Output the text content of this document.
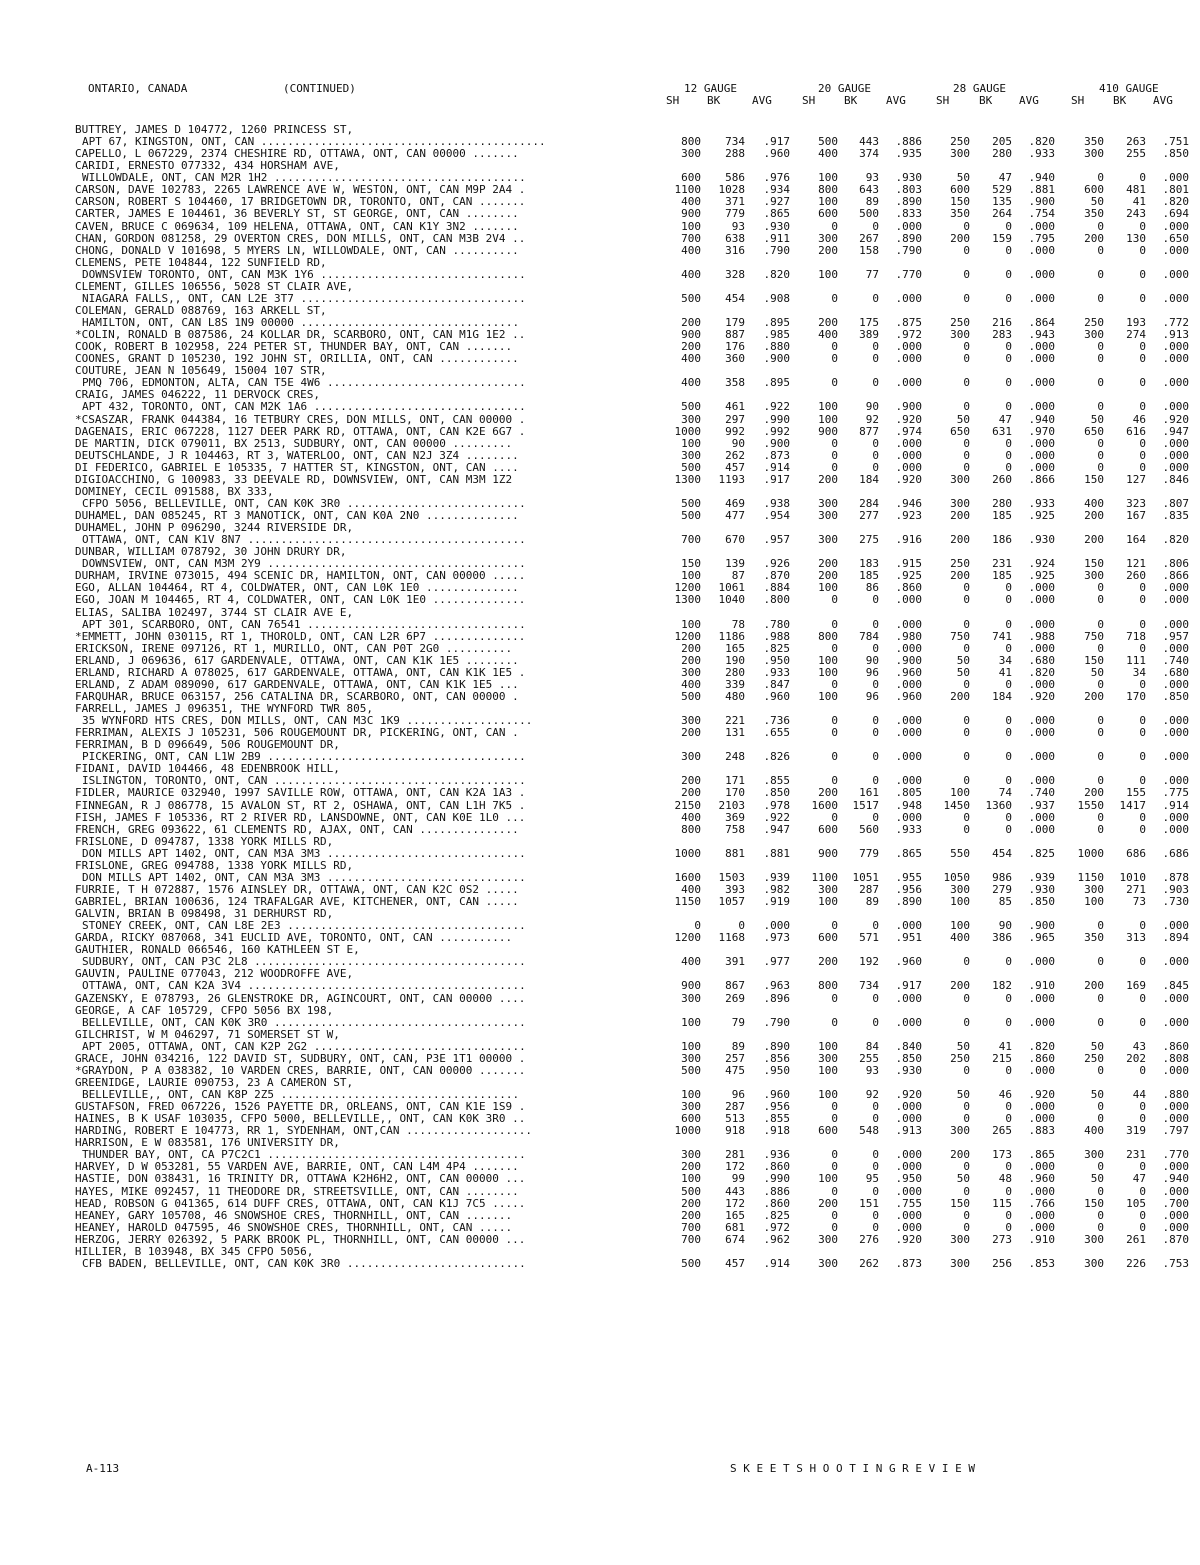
ONTARIO, CANADA	(CONTINUED)	12 GAUGE	20 GAUGE	28 GAUGE	410 GAUGE
SH	BK	AVG	SH	BK	AVG	SH	BK AVG	SH	BK AVG
BUTTREY, JAMES D 104772, 1260 PRINCESS ST,
APT 67, KINGSTON, ONT, CAN ...........................................	800	734	.917	500	443	.886	250	205	.820	350	263	.751
CAPELLO, L 067229, 2374 CHESHIRE RD, OTTAWA, ONT, CAN 00000 .......	300	288	.960	400	374	.935	300	280	.933	300	255	.850
CARIDI, ERNESTO 077332, 434 HORSHAM AVE,
WILLOWDALE, ONT, CAN M2R 1H2 ......................................	600	586	.976	100	93	.930	50	47	.940	0	0	.000
CARSON, DAVE 102783, 2265 LAWRENCE AVE W, WESTON, ONT, CAN M9P 2A4 .	1100	1028	.934	800	643	.803	600	529	.881	600	481	.801
CARSON, ROBERT S 104460, 17 BRIDGETOWN DR, TORONTO, ONT, CAN .......	400	371	.927	100	89	.890	150	135	.900	50	41	.820
CARTER, JAMES E 104461, 36 BEVERLY ST, ST GEORGE, ONT, CAN ........	900	779	.865	600	500	.833	350	264	.754	350	243	.694
CAVEN, BRUCE C 069634, 109 HELENA, OTTAWA, ONT, CAN K1Y 3N2 .......	100	93	.930	0	0	.000	0	0	.000	0	0	.000
CHAN, GORDON 081258, 29 OVERTON CRES, DON MILLS, ONT, CAN M3B 2V4 ..	700	638	.911	300	267	.890	200	159	.795	200	130	.650
CHONG, DONALD V 101698, 5 MYERS LN, WILLOWDALE, ONT, CAN ..........	400	316	.790	200	158	.790	0	0	.000	0	0	.000
CLEMENS, PETE 104844, 122 SUNFIELD RD,
DOWNSVIEW TORONTO, ONT, CAN M3K 1Y6 ...............................	400	328	.820	100	77	.770	0	0	.000	0	0	.000
CLEMENT, GILLES 106556, 5028 ST CLAIR AVE,
NIAGARA FALLS,, ONT, CAN L2E 3T7 ..................................	500	454	.908	0	0	.000	0	0	.000	0	0	.000
COLEMAN, GERALD 088769, 163 ARKELL ST,
HAMILTON, ONT, CAN L8S 1N9 00000 .................................	200	179	.895	200	175	.875	250	216	.864	250	193	.772
*COLIN, RONALD B 087586, 24 KOLLAR DR, SCARBORO, ONT, CAN M1G 1E2 ..	900	887	.985	400	389	.972	300	283	.943	300	274	.913
COOK, ROBERT B 102958, 224 PETER ST, THUNDER BAY, ONT, CAN .......	200	176	.880	0	0	.000	0	0	.000	0	0	.000
COONES, GRANT D 105230, 192 JOHN ST, ORILLIA, ONT, CAN ............	400	360	.900	0	0	.000	0	0	.000	0	0	.000
COUTURE, JEAN N 105649, 15004 107 STR,
PMQ 706, EDMONTON, ALTA, CAN T5E 4W6 ..............................	400	358	.895	0	0	.000	0	0	.000	0	0	.000
CRAIG, JAMES 046222, 11 DERVOCK CRES,
APT 432, TORONTO, ONT, CAN M2K 1A6 ................................	500	461	.922	100	90	.900	0	0	.000	0	0	.000
*CSASZAR, FRANK 044384, 16 TETBURY CRES, DON MILLS, ONT, CAN 00000 .	300	297	.990	100	92	.920	50	47	.940	50	46	.920
DAGENAIS, ERIC 067228, 1127 DEER PARK RD, OTTAWA, ONT, CAN K2E 6G7 .	1000	992	.992	900	877	.974	650	631	.970	650	616	.947
DE MARTIN, DICK 079011, BX 2513, SUDBURY, ONT, CAN 00000 .........	100	90	.900	0	0	.000	0	0	.000	0	0	.000
DEUTSCHLANDE, J R 104463, RT 3, WATERLOO, ONT, CAN N2J 3Z4 ........	300	262	.873	0	0	.000	0	0	.000	0	0	.000
DI FEDERICO, GABRIEL E 105335, 7 HATTER ST, KINGSTON, ONT, CAN ....	500	457	.914	0	0	.000	0	0	.000	0	0	.000
DIGIOACCHINO, G 100983, 33 DEEVALE RD, DOWNSVIEW, ONT, CAN M3M 1Z2	1300	1193	.917	200	184	.920	300	260	.866	150	127	.846
DOMINEY, CECIL 091588, BX 333,
CFPO 5056, BELLEVILLE, ONT, CAN K0K 3R0 ...........................	500	469	.938	300	284	.946	300	280	.933	400	323	.807
DUHAMEL, DAN 085245, RT 3 MANOTICK, ONT, CAN K0A 2N0 ..............	500	477	.954	300	277	.923	200	185	.925	200	167	.835
DUHAMEL, JOHN P 096290, 3244 RIVERSIDE DR,
OTTAWA, ONT, CAN K1V 8N7 ..........................................	700	670	.957	300	275	.916	200	186	.930	200	164	.820
DUNBAR, WILLIAM 078792, 30 JOHN DRURY DR,
DOWNSVIEW, ONT, CAN M3M 2Y9 .......................................	150	139	.926	200	183	.915	250	231	.924	150	121	.806
DURHAM, IRVINE 073015, 494 SCENIC DR, HAMILTON, ONT, CAN 00000 .....	100	87	.870	200	185	.925	200	185	.925	300	260	.866
EGO, ALLAN 104464, RT 4, COLDWATER, ONT, CAN L0K 1E0 ..............	1200	1061	.884	100	86	.860	0	0	.000	0	0	.000
EGO, JOAN M 104465, RT 4, COLDWATER, ONT, CAN L0K 1E0 ..............	1300	1040	.800	0	0	.000	0	0	.000	0	0	.000
ELIAS, SALIBA 102497, 3744 ST CLAIR AVE E,
APT 301, SCARBORO, ONT, CAN 76541 .................................	100	78	.780	0	0	.000	0	0	.000	0	0	.000
*EMMETT, JOHN 030115, RT 1, THOROLD, ONT, CAN L2R 6P7 ..............	1200	1186	.988	800	784	.980	750	741	.988	750	718	.957
ERICKSON, IRENE 097126, RT 1, MURILLO, ONT, CAN P0T 2G0 ..........	200	165	.825	0	0	.000	0	0	.000	0	0	.000
ERLAND, J 069636, 617 GARDENVALE, OTTAWA, ONT, CAN K1K 1E5 ........	200	190	.950	100	90	.900	50	34	.680	150	111	.740
ERLAND, RICHARD A 078025, 617 GARDENVALE, OTTAWA, ONT, CAN K1K 1E5 .	300	280	.933	100	96	.960	50	41	.820	50	34	.680
ERLAND, Z ADAM 089090, 617 GARDENVALE, OTTAWA, ONT, CAN K1K 1E5 ...	400	339	.847	0	0	.000	0	0	.000	0	0	.000
FARQUHAR, BRUCE 063157, 256 CATALINA DR, SCARBORO, ONT, CAN 00000 .	500	480	.960	100	96	.960	200	184	.920	200	170	.850
FARRELL, JAMES J 096351, THE WYNFORD TWR 805,
35 WYNFORD HTS CRES, DON MILLS, ONT, CAN M3C 1K9 ...................	300	221	.736	0	0	.000	0	0	.000	0	0	.000
FERRIMAN, ALEXIS J 105231, 506 ROUGEMOUNT DR, PICKERING, ONT, CAN .	200	131	.655	0	0	.000	0	0	.000	0	0	.000
FERRIMAN, B D 096649, 506 ROUGEMOUNT DR,
PICKERING, ONT, CAN L1W 2B9 .......................................	300	248	.826	0	0	.000	0	0	.000	0	0	.000
FIDANI, DAVID 104466, 48 EDENBROOK HILL,
ISLINGTON, TORONTO, ONT, CAN ......................................	200	171	.855	0	0	.000	0	0	.000	0	0	.000
FIDLER, MAURICE 032940, 1997 SAVILLE ROW, OTTAWA, ONT, CAN K2A 1A3 .	200	170	.850	200	161	.805	100	74	.740	200	155	.775
FINNEGAN, R J 086778, 15 AVALON ST, RT 2, OSHAWA, ONT, CAN L1H 7K5 .	2150	2103	.978	1600	1517	.948	1450	1360	.937	1550	1417	.914
FISH, JAMES F 105336, RT 2 RIVER RD, LANSDOWNE, ONT, CAN K0E 1L0 ...	400	369	.922	0	0	.000	0	0	.000	0	0	.000
FRENCH, GREG 093622, 61 CLEMENTS RD, AJAX, ONT, CAN ...............	800	758	.947	600	560	.933	0	0	.000	0	0	.000
FRISLONE, D 094787, 1338 YORK MILLS RD,
DON MILLS APT 1402, ONT, CAN M3A 3M3 ..............................	1000	881	.881	900	779	.865	550	454	.825	1000	686	.686
FRISLONE, GREG 094788, 1338 YORK MILLS RD,
DON MILLS APT 1402, ONT, CAN M3A 3M3 ..............................	1600	1503	.939	1100	1051	.955	1050	986	.939	1150	1010	.878
FURRIE, T H 072887, 1576 AINSLEY DR, OTTAWA, ONT, CAN K2C 0S2 .....	400	393	.982	300	287	.956	300	279	.930	300	271	.903
GABRIEL, BRIAN 100636, 124 TRAFALGAR AVE, KITCHENER, ONT, CAN .....	1150	1057	.919	100	89	.890	100	85	.850	100	73	.730
GALVIN, BRIAN B 098498, 31 DERHURST RD,
STONEY CREEK, ONT, CAN L8E 2E3 ....................................	0	0	.000	0	0	.000	100	90	.900	0	0	.000
GARDA, RICKY 087068, 341 EUCLID AVE, TORONTO, ONT, CAN ...........	1200	1168	.973	600	571	.951	400	386	.965	350	313	.894
GAUTHIER, RONALD 066546, 160 KATHLEEN ST E,
SUDBURY, ONT, CAN P3C 2L8 .........................................	400	391	.977	200	192	.960	0	0	.000	0	0	.000
GAUVIN, PAULINE 077043, 212 WOODROFFE AVE,
OTTAWA, ONT, CAN K2A 3V4 ..........................................	900	867	.963	800	734	.917	200	182	.910	200	169	.845
GAZENSKY, E 078793, 26 GLENSTROKE DR, AGINCOURT, ONT, CAN 00000 ....	300	269	.896	0	0	.000	0	0	.000	0	0	.000
GEORGE, A CAF 105729, CFPO 5056 BX 198,
BELLEVILLE, ONT, CAN K0K 3R0 ......................................	100	79	.790	0	0	.000	0	0	.000	0	0	.000
GILCHRIST, W M 046297, 71 SOMERSET ST W,
APT 2005, OTTAWA, ONT, CAN K2P 2G2 ................................	100	89	.890	100	84	.840	50	41	.820	50	43	.860
GRACE, JOHN 034216, 122 DAVID ST, SUDBURY, ONT, CAN, P3E 1T1 00000 .	300	257	.856	300	255	.850	250	215	.860	250	202	.808
*GRAYDON, P A 038382, 10 VARDEN CRES, BARRIE, ONT, CAN 00000 .......	500	475	.950	100	93	.930	0	0	.000	0	0	.000
GREENIDGE, LAURIE 090753, 23 A CAMERON ST,
BELLEVILLE,, ONT, CAN K8P 2Z5 ....................................	100	96	.960	100	92	.920	50	46	.920	50	44	.880
GUSTAFSON, FRED 067226, 1526 PAYETTE DR, ORLEANS, ONT, CAN K1E 1S9 .	300	287	.956	0	0	.000	0	0	.000	0	0	.000
HAINES, B K USAF 103035, CFPO 5000, BELLEVILLE,, ONT, CAN K0K 3R0 ..	600	513	.855	0	0	.000	0	0	.000	0	0	.000
HARDING, ROBERT E 104773, RR 1, SYDENHAM, ONT,CAN ...................	1000	918	.918	600	548	.913	300	265	.883	400	319	.797
HARRISON, E W 083581, 176 UNIVERSITY DR,
THUNDER BAY, ONT, CA P7C2C1 .......................................	300	281	.936	0	0	.000	200	173	.865	300	231	.770
HARVEY, D W 053281, 55 VARDEN AVE, BARRIE, ONT, CAN L4M 4P4 .......	200	172	.860	0	0	.000	0	0	.000	0	0	.000
HASTIE, DON 038431, 16 TRINITY DR, OTTAWA K2H6H2, ONT, CAN 00000 ...	100	99	.990	100	95	.950	50	48	.960	50	47	.940
HAYES, MIKE 092457, 11 THEODORE DR, STREETSVILLE, ONT, CAN ........	500	443	.886	0	0	.000	0	0	.000	0	0	.000
HEAD, ROBSON G 041365, 614 DUFF CRES, OTTAWA, ONT, CAN K1J 7C5 .....	200	172	.860	200	151	.755	150	115	.766	150	105	.700
HEANEY, GARY 105708, 46 SNOWSHOE CRES, THORNHILL, ONT, CAN .......	200	165	.825	0	0	.000	0	0	.000	0	0	.000
HEANEY, HAROLD 047595, 46 SNOWSHOE CRES, THORNHILL, ONT, CAN .....	700	681	.972	0	0	.000	0	0	.000	0	0	.000
HERZOG, JERRY 026392, 5 PARK BROOK PL, THORNHILL, ONT, CAN 00000 ...	700	674	.962	300	276	.920	300	273	.910	300	261	.870
HILLIER, B 103948, BX 345 CFPO 5056,
CFB BADEN, BELLEVILLE, ONT, CAN K0K 3R0 ...........................	500	457	.914	300	262	.873	300	256	.853	300	226	.753
A-113	S K E E T S H O O T I N G R E V I E W
